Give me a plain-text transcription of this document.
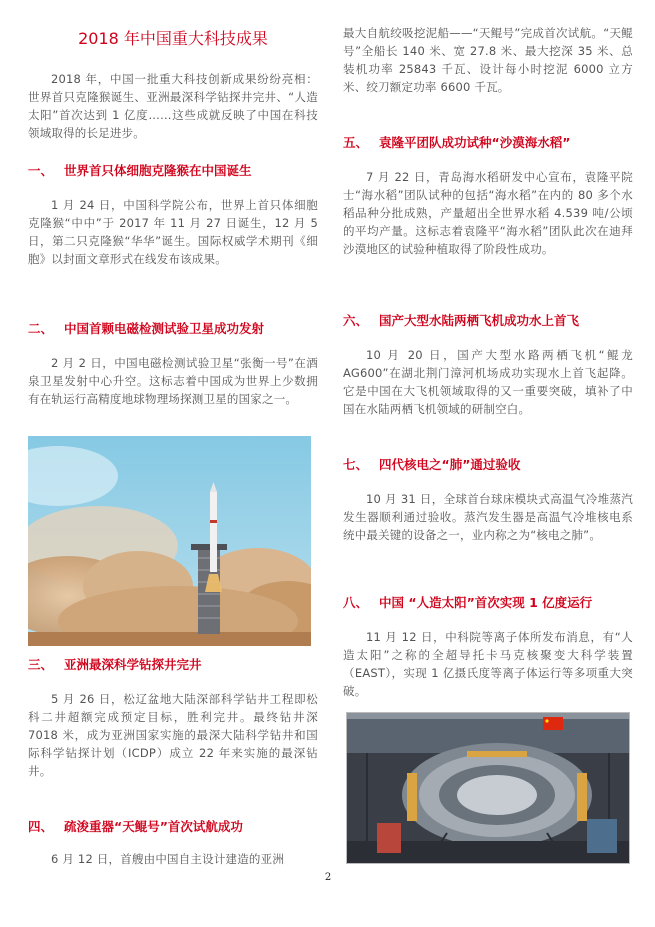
2018 年中国重大科技成果

2018 年，中国一批重大科技创新成果纷纷亮相：世界首只克隆猴诞生、亚洲最深科学钻探井完井、“人造太阳”首次达到 1 亿度……这些成就反映了中国在科技领域取得的长足进步。

一、 世界首只体细胞克隆猴在中国诞生

1 月 24 日，中国科学院公布，世界上首只体细胞克隆猴“中中”于 2017 年 11 月 27 日诞生，12 月 5 日，第二只克隆猴“华华”诞生。国际权威学术期刊《细胞》以封面文章形式在线发布该成果。

二、 中国首颗电磁检测试验卫星成功发射

2 月 2 日，中国电磁检测试验卫星“张衡一号”在酒泉卫星发射中心升空。这标志着中国成为世界上少数拥有在轨运行高精度地球物理场探测卫星的国家之一。

三、 亚洲最深科学钻探井完井

5 月 26 日，松辽盆地大陆深部科学钻井工程即松科二井超额完成预定目标，胜利完井。最终钻井深 7018 米，成为亚洲国家实施的最深大陆科学钻井和国际科学钻探计划（ICDP）成立 22 年来实施的最深钻井。

四、 疏浚重器“天鲲号”首次试航成功

6 月 12 日，首艘由中国自主设计建造的亚洲

最大自航绞吸挖泥船——“天鲲号”完成首次试航。“天鲲号”全船长 140 米、宽 27.8 米、最大挖深 35 米、总装机功率 25843 千瓦、设计每小时挖泥 6000 立方米、绞刀额定功率 6600 千瓦。

五、 袁隆平团队成功试种“沙漠海水稻”

7 月 22 日，青岛海水稻研发中心宣布，袁隆平院士“海水稻”团队试种的包括“海水稻”在内的 80 多个水稻品种分批成熟，产量超出全世界水稻 4.539 吨/公顷的平均产量。这标志着袁隆平“海水稻”团队此次在迪拜沙漠地区的试验种植取得了阶段性成功。

六、 国产大型水陆两栖飞机成功水上首飞

10 月 20 日，国产大型水路两栖飞机“鲲龙 AG600”在湖北荆门漳河机场成功实现水上首飞起降。它是中国在大飞机领域取得的又一重要突破，填补了中国在水陆两栖飞机领域的研制空白。

七、 四代核电之“肺”通过验收

10 月 31 日，全球首台球床模块式高温气冷堆蒸汽发生器顺利通过验收。蒸汽发生器是高温气冷堆核电系统中最关键的设备之一，业内称之为“核电之肺”。

八、 中国 “人造太阳”首次实现 1 亿度运行

11 月 12 日，中科院等离子体所发布消息，有“人造太阳”之称的全超导托卡马克核聚变大科学装置（EAST），实现 1 亿摄氏度等离子体运行等多项重大突破。

2
